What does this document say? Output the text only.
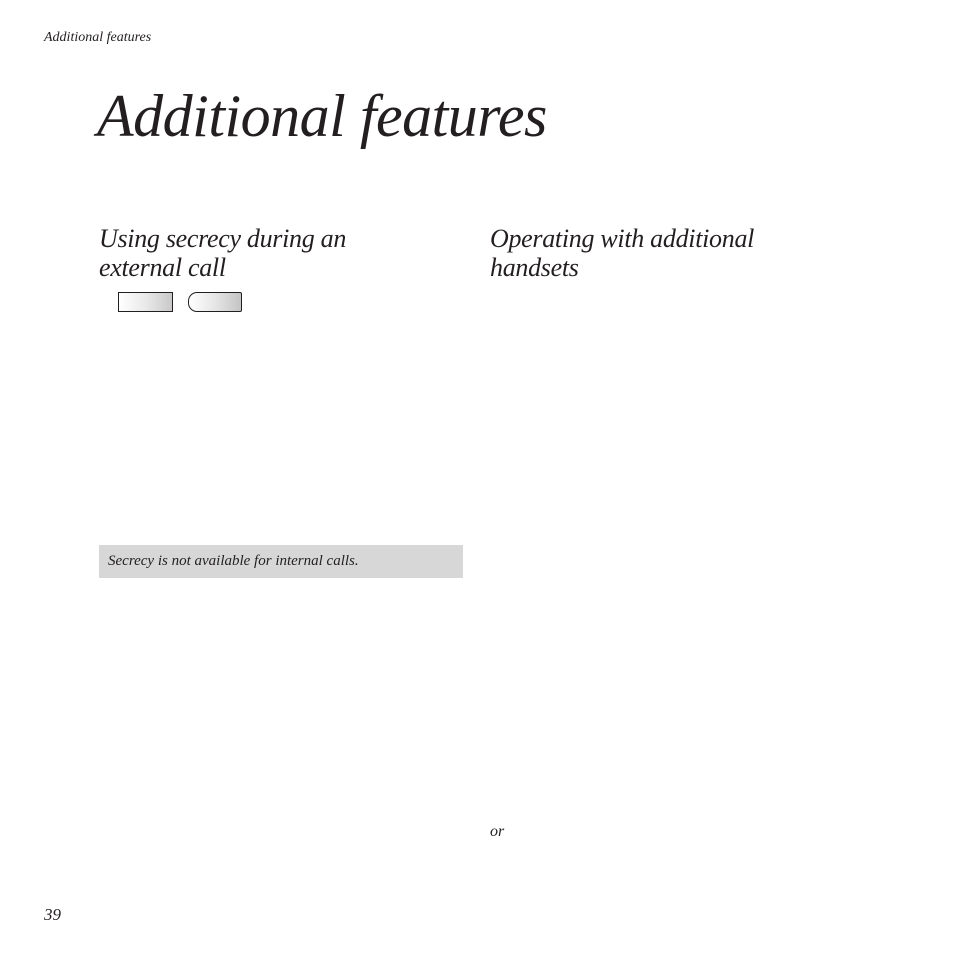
Additional features
Additional features
Using secrecy during an
external call
Secrecy is not available for internal calls.
Operating with additional
handsets
or
39
